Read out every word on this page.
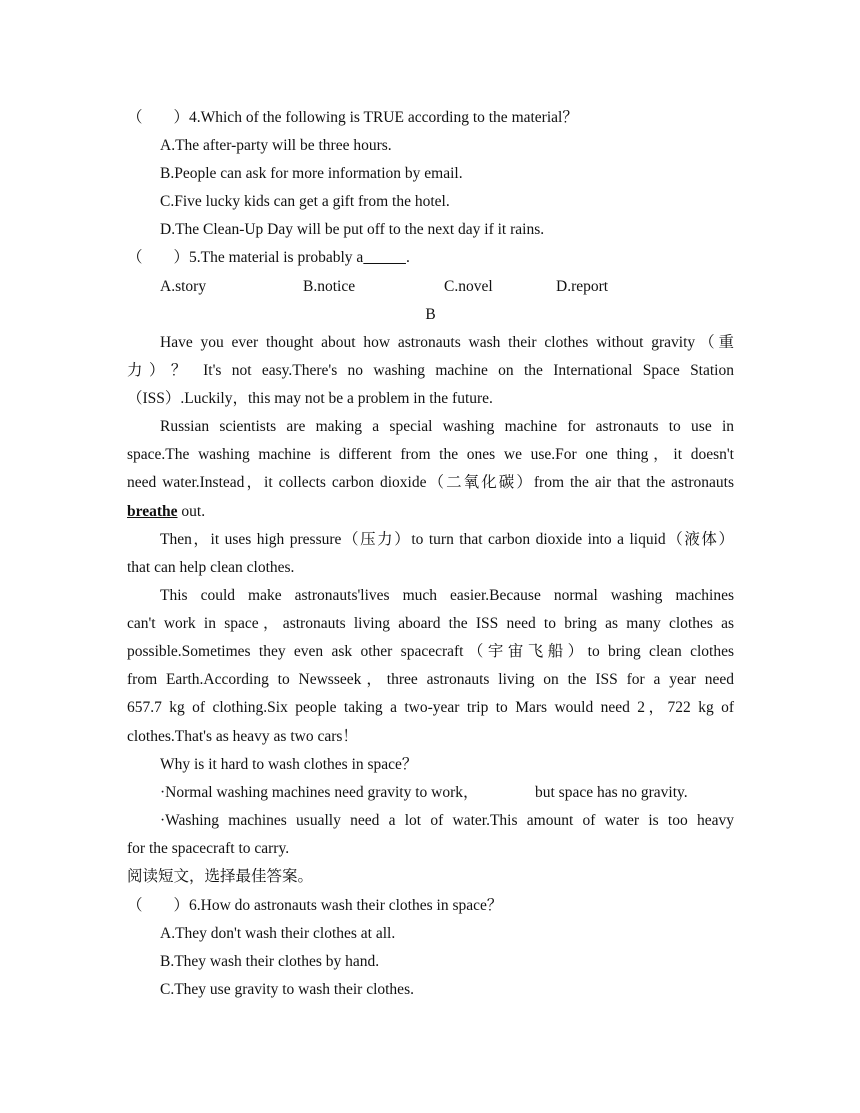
（　　）4.Which of the following is TRUE according to the material？
A.The after-party will be three hours.
B.People can ask for more information by email.
C.Five lucky kids can get a gift from the hotel.
D.The Clean-Up Day will be put off to the next day if it rains.
（　　）5.The material is probably a	.
A.story	B.notice	C.novel	D.report
B
Have you ever thought about how astronauts wash their clothes without gravity（重
力）？ It's not easy.There's no washing machine on the International Space Station
（ISS）.Luckily，this may not be a problem in the future.
Russian scientists are making a special washing machine for astronauts to use in
space.The washing machine is different from the ones we use.For one thing，it doesn't
need water.Instead，it collects carbon dioxide（二氧化碳）from the air that the astronauts
breathe out.
Then，it uses high pressure（压力）to turn that carbon dioxide into a liquid（液体）
that can help clean clothes.
This could make astronauts'lives much easier.Because normal washing machines
can't work in space，astronauts living aboard the ISS need to bring as many clothes as
possible.Sometimes they even ask other spacecraft（宇宙飞船）to bring clean clothes
from Earth.According to Newsseek，three astronauts living on the ISS for a year need
657.7 kg of clothing.Six people taking a two-year trip to Mars would need 2，722 kg of
clothes.That's as heavy as two cars！
Why is it hard to wash clothes in space？
·Normal washing machines need gravity to work，	but space has no gravity.
·Washing machines usually need a lot of water.This amount of water is too heavy
for the spacecraft to carry.
阅读短文，选择最佳答案。
（　　）6.How do astronauts wash their clothes in space？
A.They don't wash their clothes at all.
B.They wash their clothes by hand.
C.They use gravity to wash their clothes.
